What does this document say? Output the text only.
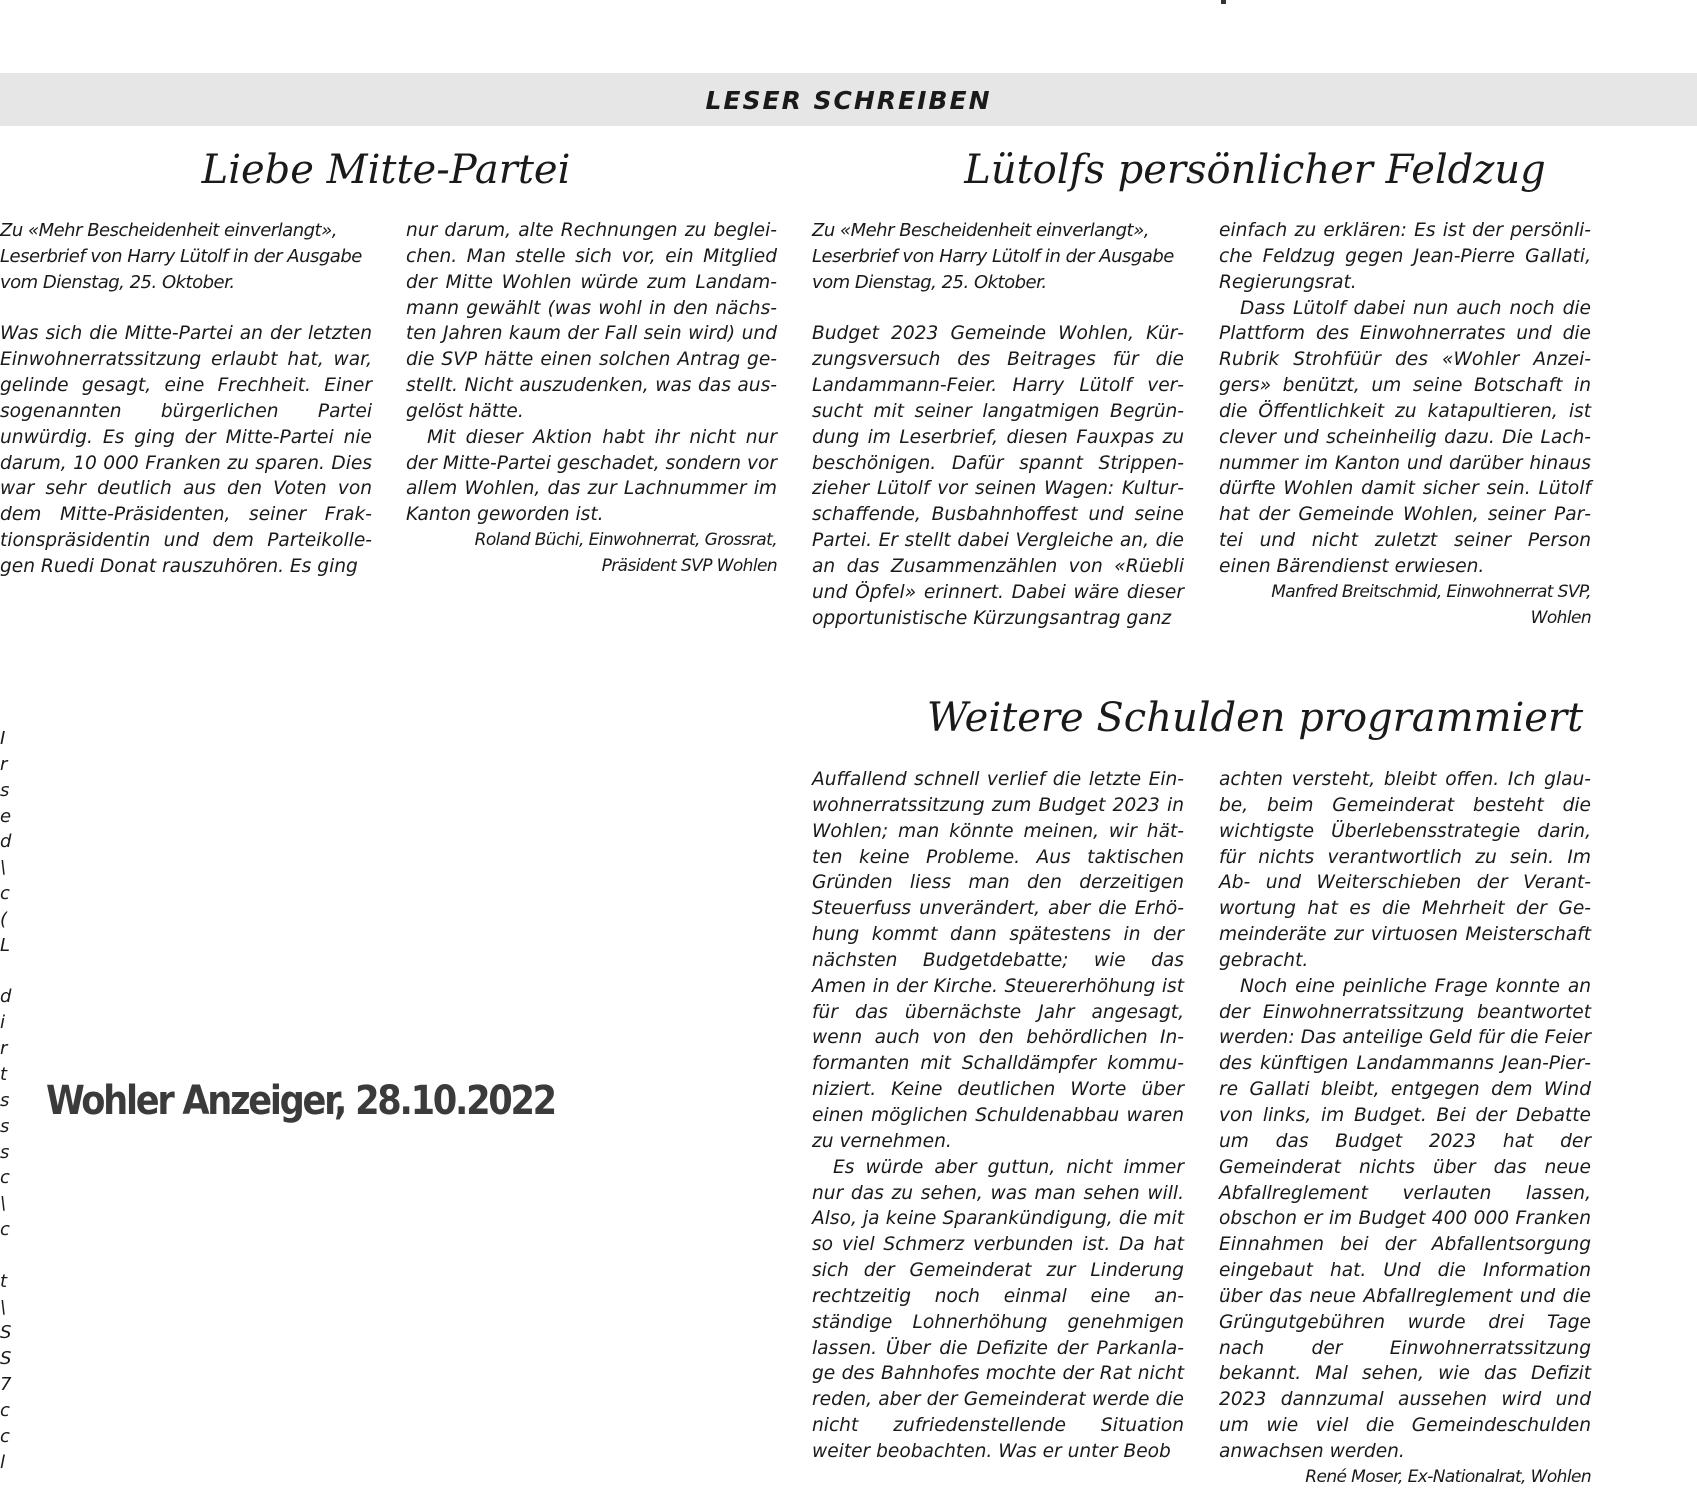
LESER SCHREIBEN
Liebe Mitte-Partei

Zu «Mehr Bescheidenheit einverlangt», Leserbrief von Harry Lütolf in der Ausgabe vom Dienstag, 25. Oktober.

Was sich die Mitte-Partei an der letzten Einwohnerratssitzung erlaubt hat, war, gelinde gesagt, eine Frechheit. Einer sogenannten bürgerlichen Partei unwürdig. Es ging der Mitte-Partei nie darum, 10 000 Franken zu sparen. Dies war sehr deutlich aus den Voten von dem Mitte-Präsidenten, seiner Fraktionspräsidentin und dem Parteikollegen Ruedi Donat rauszuhören. Es ging

nur darum, alte Rechnungen zu begleichen. Man stelle sich vor, ein Mitglied der Mitte Wohlen würde zum Landammann gewählt (was wohl in den nächsten Jahren kaum der Fall sein wird) und die SVP hätte einen solchen Antrag gestellt. Nicht auszudenken, was das ausgelöst hätte.

Mit dieser Aktion habt ihr nicht nur der Mitte-Partei geschadet, sondern vor allem Wohlen, das zur Lachnummer im Kanton geworden ist.

Roland Büchi, Einwohnerrat, Grossrat, Präsident SVP Wohlen

Lütolfs persönlicher Feldzug

Zu «Mehr Bescheidenheit einverlangt», Leserbrief von Harry Lütolf in der Ausgabe vom Dienstag, 25. Oktober.

Budget 2023 Gemeinde Wohlen, Kürzungsversuch des Beitrages für die Landammann-Feier. Harry Lütolf versucht mit seiner langatmigen Begründung im Leserbrief, diesen Fauxpas zu beschönigen. Dafür spannt Strippenzieher Lütolf vor seinen Wagen: Kulturschaffende, Busbahnhoffest und seine Partei. Er stellt dabei Vergleiche an, die an das Zusammenzählen von «Rüebli und Öpfel» erinnert. Dabei wäre dieser opportunistische Kürzungsantrag ganz

einfach zu erklären: Es ist der persönliche Feldzug gegen Jean-Pierre Gallati, Regierungsrat.

Dass Lütolf dabei nun auch noch die Plattform des Einwohnerrates und die Rubrik Strohfüür des «Wohler Anzeigers» benützt, um seine Botschaft in die Öffentlichkeit zu katapultieren, ist clever und scheinheilig dazu. Die Lachnummer im Kanton und darüber hinaus dürfte Wohlen damit sicher sein. Lütolf hat der Gemeinde Wohlen, seiner Partei und nicht zuletzt seiner Person einen Bärendienst erwiesen.

Manfred Breitschmid, Einwohnerrat SVP, Wohlen

Weitere Schulden programmiert

Auffallend schnell verlief die letzte Einwohnerratssitzung zum Budget 2023 in Wohlen; man könnte meinen, wir hätten keine Probleme. Aus taktischen Gründen liess man den derzeitigen Steuerfuss unverändert, aber die Erhöhung kommt dann spätestens in der nächsten Budgetdebatte; wie das Amen in der Kirche. Steuererhöhung ist für das übernächste Jahr angesagt, wenn auch von den behördlichen Informanten mit Schalldämpfer kommuniziert. Keine deutlichen Worte über einen möglichen Schuldenabbau waren zu vernehmen.

Es würde aber guttun, nicht immer nur das zu sehen, was man sehen will. Also, ja keine Sparankündigung, die mit so viel Schmerz verbunden ist. Da hat sich der Gemeinderat zur Linderung rechtzeitig noch einmal eine anständige Lohnerhöhung genehmigen lassen. Über die Defizite der Parkanlage des Bahnhofes mochte der Rat nicht reden, aber der Gemeinderat werde die nicht zufriedenstellende Situation weiter beobachten. Was er unter Beob

achten versteht, bleibt offen. Ich glaube, beim Gemeinderat besteht die wichtigste Überlebensstrategie darin, für nichts verantwortlich zu sein. Im Ab- und Weiterschieben der Verantwortung hat es die Mehrheit der Gemeinderäte zur virtuosen Meisterschaft gebracht.

Noch eine peinliche Frage konnte an der Einwohnerratssitzung beantwortet werden: Das anteilige Geld für die Feier des künftigen Landammanns Jean-Pierre Gallati bleibt, entgegen dem Wind von links, im Budget. Bei der Debatte um das Budget 2023 hat der Gemeinderat nichts über das neue Abfallreglement verlauten lassen, obschon er im Budget 400 000 Franken Einnahmen bei der Abfallentsorgung eingebaut hat. Und die Information über das neue Abfallreglement und die Grüngutgebühren wurde drei Tage nach der Einwohnerratssitzung bekannt. Mal sehen, wie das Defizit 2023 dannzumal aussehen wird und um wie viel die Gemeindeschulden anwachsen werden.

René Moser, Ex-Nationalrat, Wohlen

I
r
s
e
d
\
c
(
L
d
i
r
t
s
s
s
c
\
c
t
\
S
S
7
c
c
l
Wohler Anzeiger, 28.10.2022
